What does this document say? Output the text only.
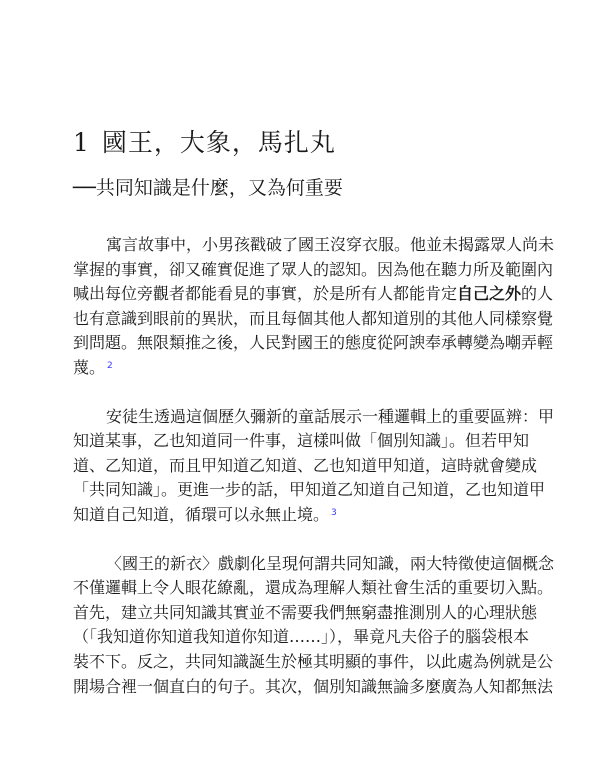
1 國王，大象，馬扎丸
──共同知識是什麼，又為何重要
寓言故事中，小男孩戳破了國王沒穿衣服。他並未揭露眾人尚未
掌握的事實，卻又確實促進了眾人的認知。因為他在聽力所及範圍內
喊出每位旁觀者都能看見的事實，於是所有人都能肯定自己之外的人
也有意識到眼前的異狀，而且每個其他人都知道別的其他人同樣察覺
到問題。無限類推之後，人民對國王的態度從阿諛奉承轉變為嘲弄輕
蔑。 $^2$
安徒生透過這個歷久彌新的童話展示一種邏輯上的重要區辨：甲
知道某事，乙也知道同一件事，這樣叫做「個別知識」。但若甲知
道、乙知道，而且甲知道乙知道、乙也知道甲知道，這時就會變成
「共同知識」。更進一步的話，甲知道乙知道自己知道，乙也知道甲
知道自己知道，循環可以永無止境。 $^3$
〈國王的新衣〉戲劇化呈現何謂共同知識，兩大特徵使這個概念
不僅邏輯上令人眼花繚亂，還成為理解人類社會生活的重要切入點。
首先，建立共同知識其實並不需要我們無窮盡推測別人的心理狀態
（「我知道你知道我知道你知道……」），畢竟凡夫俗子的腦袋根本
裝不下。反之，共同知識誕生於極其明顯的事件，以此處為例就是公
開場合裡一個直白的句子。其次，個別知識無論多麼廣為人知都無法
